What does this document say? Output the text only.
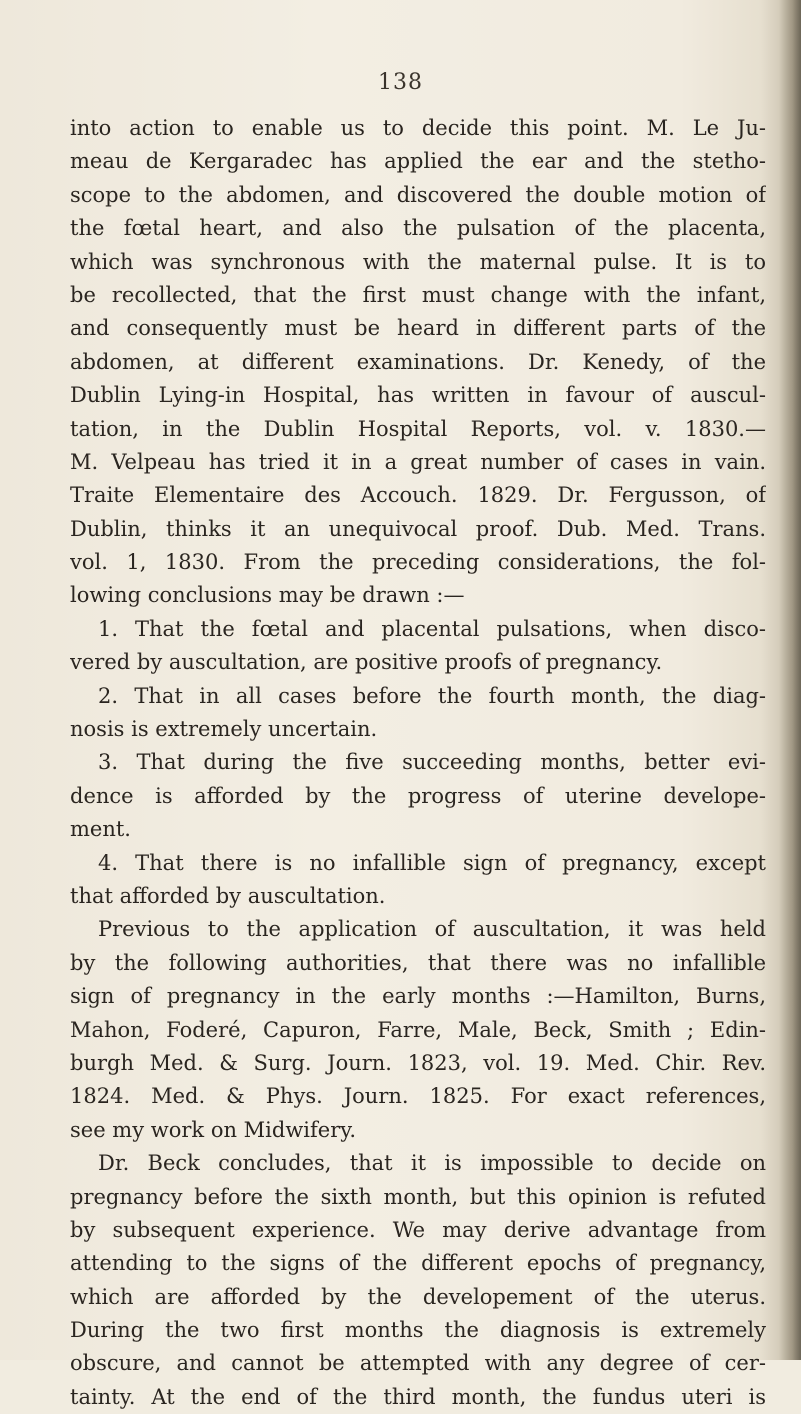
138
into action to enable us to decide this point. M. Le Ju-
meau de Kergaradec has applied the ear and the stetho-
scope to the abdomen, and discovered the double motion of
the fœtal heart, and also the pulsation of the placenta,
which was synchronous with the maternal pulse. It is to
be recollected, that the first must change with the infant,
and consequently must be heard in different parts of the
abdomen, at different examinations. Dr. Kenedy, of the
Dublin Lying-in Hospital, has written in favour of auscul-
tation, in the Dublin Hospital Reports, vol. v. 1830.—
M. Velpeau has tried it in a great number of cases in vain.
Traite Elementaire des Accouch. 1829. Dr. Fergusson, of
Dublin, thinks it an unequivocal proof. Dub. Med. Trans.
vol. 1, 1830. From the preceding considerations, the fol-
lowing conclusions may be drawn :—
1. That the fœtal and placental pulsations, when disco-
vered by auscultation, are positive proofs of pregnancy.
2. That in all cases before the fourth month, the diag-
nosis is extremely uncertain.
3. That during the five succeeding months, better evi-
dence is afforded by the progress of uterine develope-
ment.
4. That there is no infallible sign of pregnancy, except
that afforded by auscultation.
Previous to the application of auscultation, it was held
by the following authorities, that there was no infallible
sign of pregnancy in the early months :—Hamilton, Burns,
Mahon, Foderé, Capuron, Farre, Male, Beck, Smith ; Edin-
burgh Med. & Surg. Journ. 1823, vol. 19. Med. Chir. Rev.
1824. Med. & Phys. Journ. 1825. For exact references,
see my work on Midwifery.
Dr. Beck concludes, that it is impossible to decide on
pregnancy before the sixth month, but this opinion is refuted
by subsequent experience. We may derive advantage from
attending to the signs of the different epochs of pregnancy,
which are afforded by the developement of the uterus.
During the two first months the diagnosis is extremely
obscure, and cannot be attempted with any degree of cer-
tainty. At the end of the third month, the fundus uteri is
